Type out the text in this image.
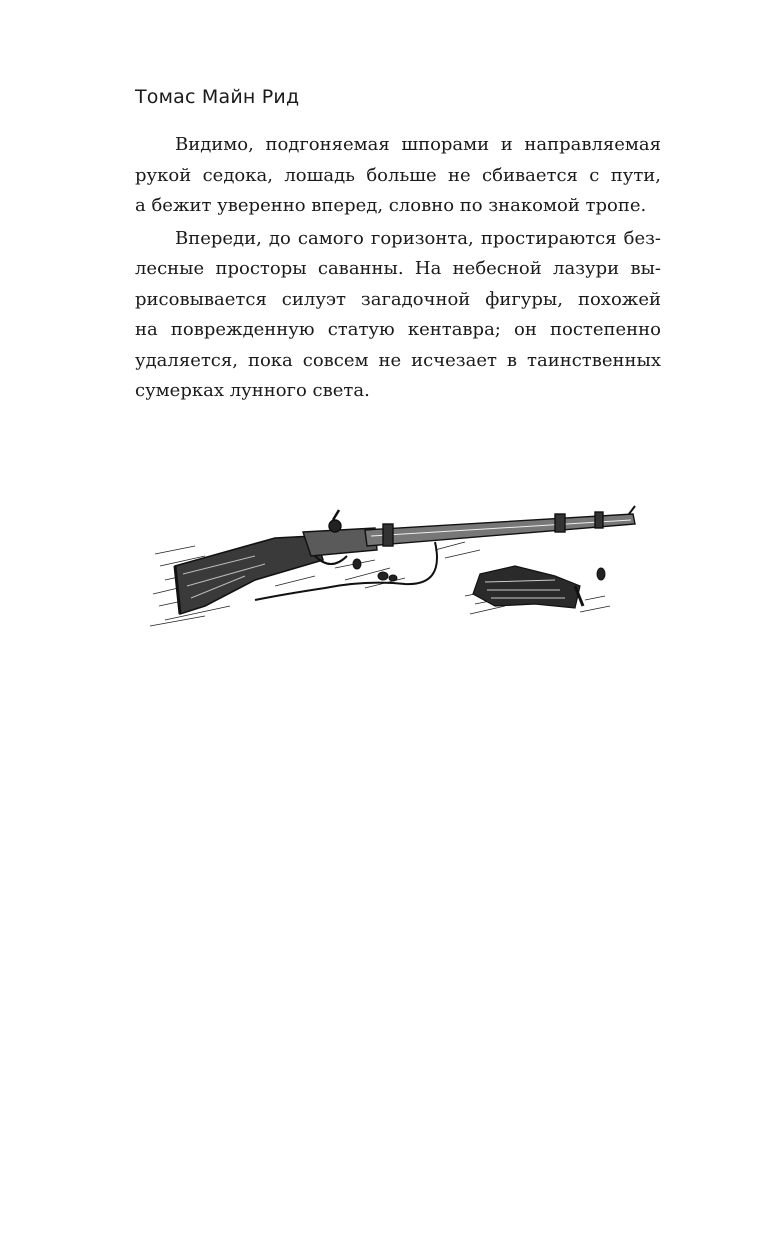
Томас Майн Рид
Видимо, подгоняемая шпорами и направляемая
рукой седока, лошадь больше не сбивается с пути,
а бежит уверенно вперед, словно по знакомой тропе.
Впереди, до самого горизонта, простираются без-
лесные просторы саванны. На небесной лазури вы-
рисовывается силуэт загадочной фигуры, похожей
на поврежденную статую кентавра; он постепенно
удаляется, пока совсем не исчезает в таинственных
сумерках лунного света.
